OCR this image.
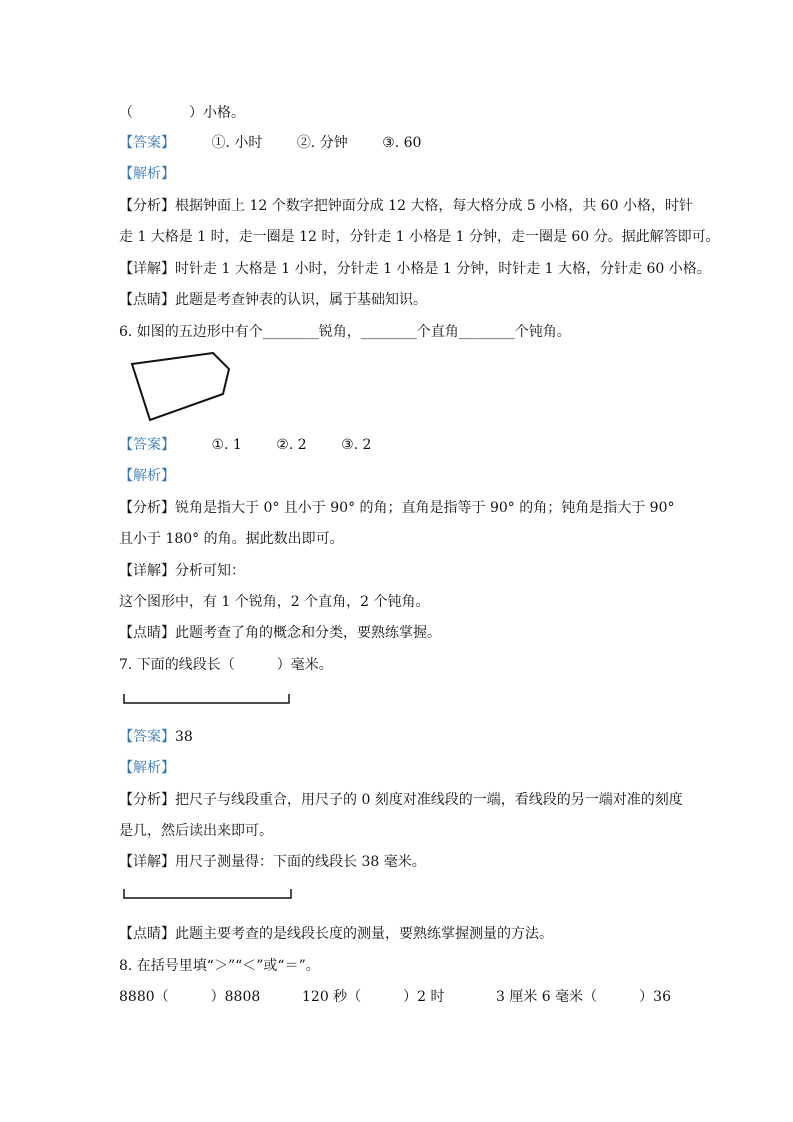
（　　　　）小格。
【答案】	①. 小时 ②. 分钟 ③. 60
【解析】
【分析】根据钟面上 12 个数字把钟面分成 12 大格，每大格分成 5 小格，共 60 小格，时针
走 1 大格是 1 时，走一圈是 12 时，分针走 1 小格是 1 分钟，走一圈是 60 分。据此解答即可。
【详解】时针走 1 大格是 1 小时，分针走 1 小格是 1 分钟，时针走 1 大格，分针走 60 小格。
【点睛】此题是考查钟表的认识，属于基础知识。
6. 如图的五边形中有个________锐角，________个直角________个钝角。
【答案】	①. 1 ②. 2 ③. 2
【解析】
【分析】锐角是指大于 0° 且小于 90° 的角；直角是指等于 90° 的角；钝角是指大于 90°
且小于 180° 的角。据此数出即可。
【详解】分析可知：
这个图形中，有 1 个锐角，2 个直角，2 个钝角。
【点睛】此题考查了角的概念和分类，要熟练掌握。
7. 下面的线段长（　　　）毫米。
【答案】38
【解析】
【分析】把尺子与线段重合，用尺子的 0 刻度对准线段的一端，看线段的另一端对准的刻度
是几，然后读出来即可。
【详解】用尺子测量得：下面的线段长 38 毫米。
【点睛】此题主要考查的是线段长度的测量，要熟练掌握测量的方法。
8. 在括号里填“＞”“＜”或“＝”。
8880（　　　）8808	120 秒（　　　）2 时	3 厘米 6 毫米（　　　）36
